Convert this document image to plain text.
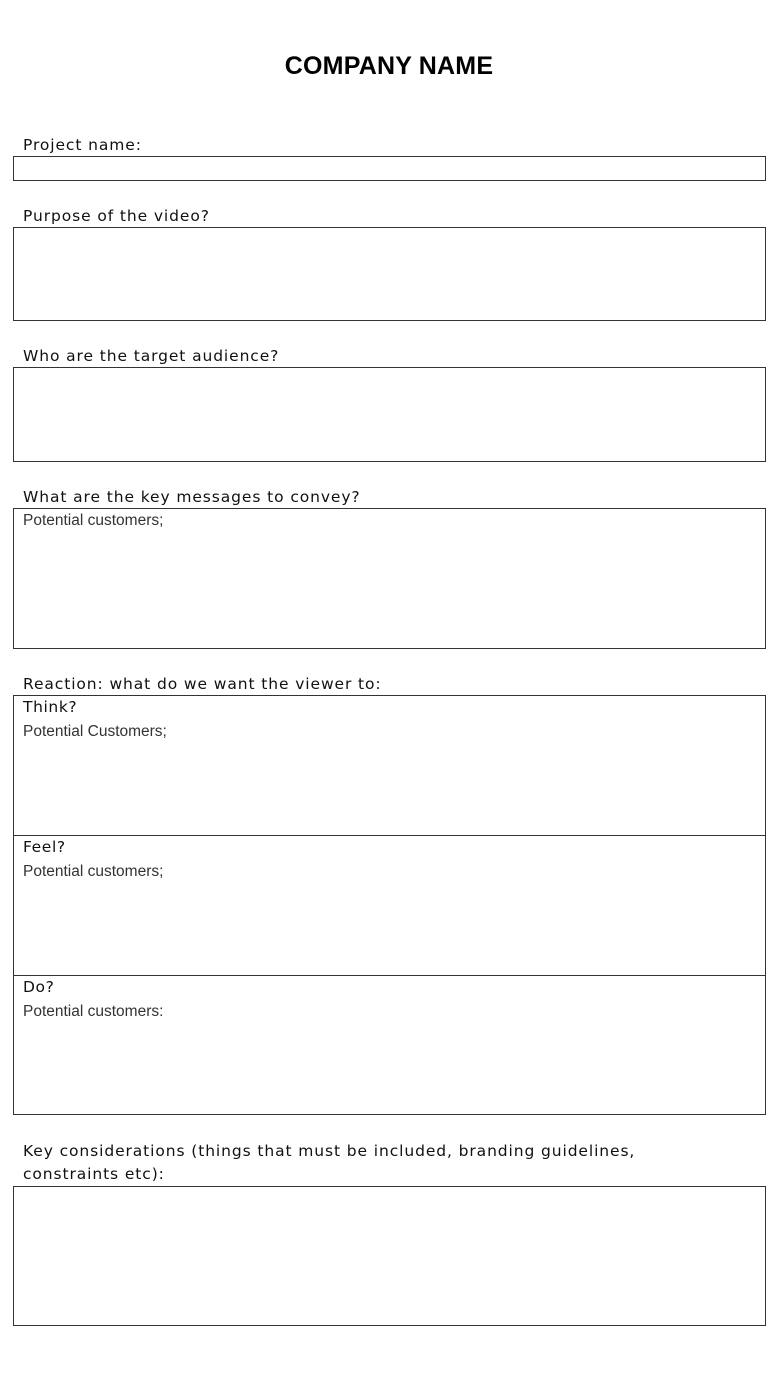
COMPANY NAME
Project name:
Purpose of the video?
Who are the target audience?
What are the key messages to convey?
Potential customers;
Reaction: what do we want the viewer to:
Think?
Potential Customers;
Feel?
Potential customers;
Do?
Potential customers:
Key considerations (things that must be included, branding guidelines,
constraints etc):
